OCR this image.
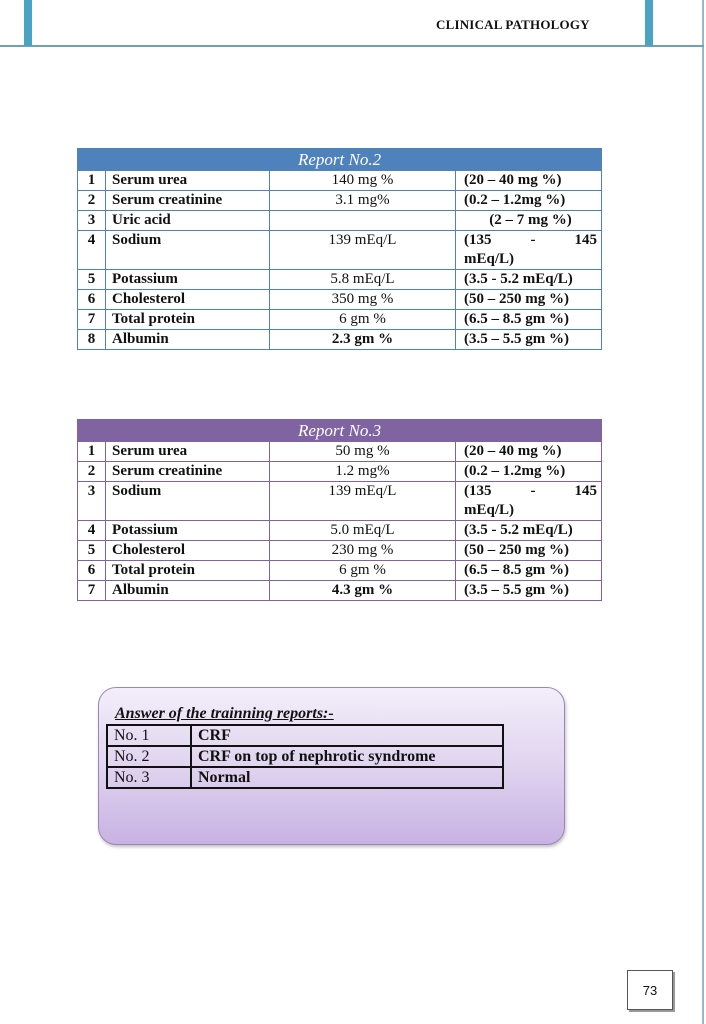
CLINICAL PATHOLOGY
Report No.2			
1	Serum urea	140 mg %	(20 – 40 mg %)
2	Serum creatinine	3.1 mg%	(0.2 – 1.2mg %)
3	Uric acid		(2 – 7 mg %)
4	Sodium	139 mEq/L	(135 - 145
mEq/L)

5	Potassium	5.8 mEq/L	(3.5 - 5.2 mEq/L)
6	Cholesterol	350 mg %	(50 – 250 mg %)
7	Total protein	6 gm %	(6.5 – 8.5 gm %)
8	Albumin	2.3 gm %	(3.5 – 5.5 gm %)
Report No.3			
1	Serum urea	50 mg %	(20 – 40 mg %)
2	Serum creatinine	1.2 mg%	(0.2 – 1.2mg %)
3	Sodium	139 mEq/L	(135 - 145
mEq/L)

4	Potassium	5.0 mEq/L	(3.5 - 5.2 mEq/L)
5	Cholesterol	230 mg %	(50 – 250 mg %)
6	Total protein	6 gm %	(6.5 – 8.5 gm %)
7	Albumin	4.3 gm %	(3.5 – 5.5 gm %)
Answer of the trainning reports:-
No. 1	CRF
No. 2	CRF on top of nephrotic syndrome
No. 3	Normal
73
